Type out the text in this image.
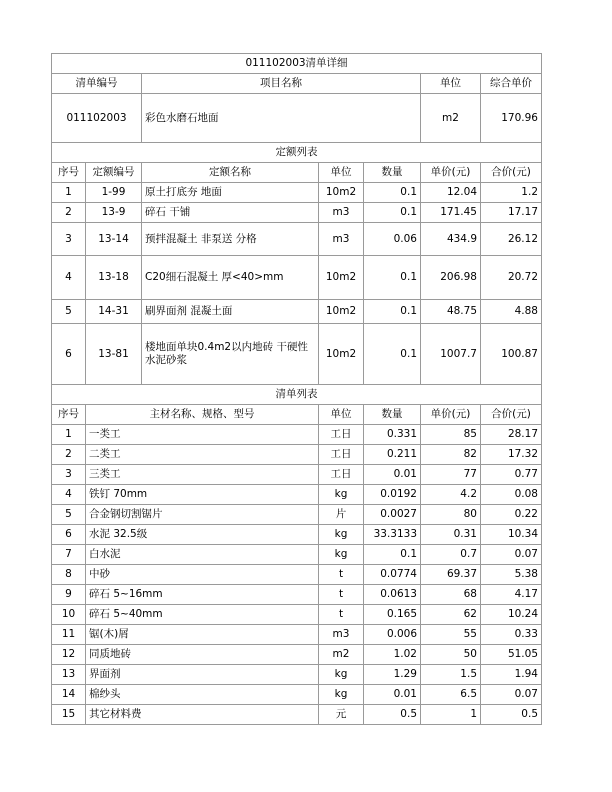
011102003清单详细						
清单编号		项目名称			单位	综合单价
011102003		彩色水磨石地面			m2	170.96
定额列表						
序号	定额编号	定额名称	单位	数量	单价(元)	合价(元)
1	1-99	原土打底夯 地面	10m2	0.1	12.04	1.2
2	13-9	碎石 干铺	m3	0.1	171.45	17.17
3	13-14	预拌混凝土 非泵送 分格	m3	0.06	434.9	26.12
4	13-18	C20细石混凝土 厚<40>mm	10m2	0.1	206.98	20.72
5	14-31	刷界面剂 混凝土面	10m2	0.1	48.75	4.88
6	13-81	楼地面单块0.4m2以内地砖 干硬性水泥砂浆	10m2	0.1	1007.7	100.87
清单列表						
序号	主材名称、规格、型号		单位	数量	单价(元)	合价(元)
1	一类工		工日	0.331	85	28.17
2	二类工		工日	0.211	82	17.32
3	三类工		工日	0.01	77	0.77
4	铁钉 70mm		kg	0.0192	4.2	0.08
5	合金钢切割锯片		片	0.0027	80	0.22
6	水泥 32.5级		kg	33.3133	0.31	10.34
7	白水泥		kg	0.1	0.7	0.07
8	中砂		t	0.0774	69.37	5.38
9	碎石 5~16mm		t	0.0613	68	4.17
10	碎石 5~40mm		t	0.165	62	10.24
11	锯(木)屑		m3	0.006	55	0.33
12	同质地砖		m2	1.02	50	51.05
13	界面剂		kg	1.29	1.5	1.94
14	棉纱头		kg	0.01	6.5	0.07
15	其它材料费		元	0.5	1	0.5
